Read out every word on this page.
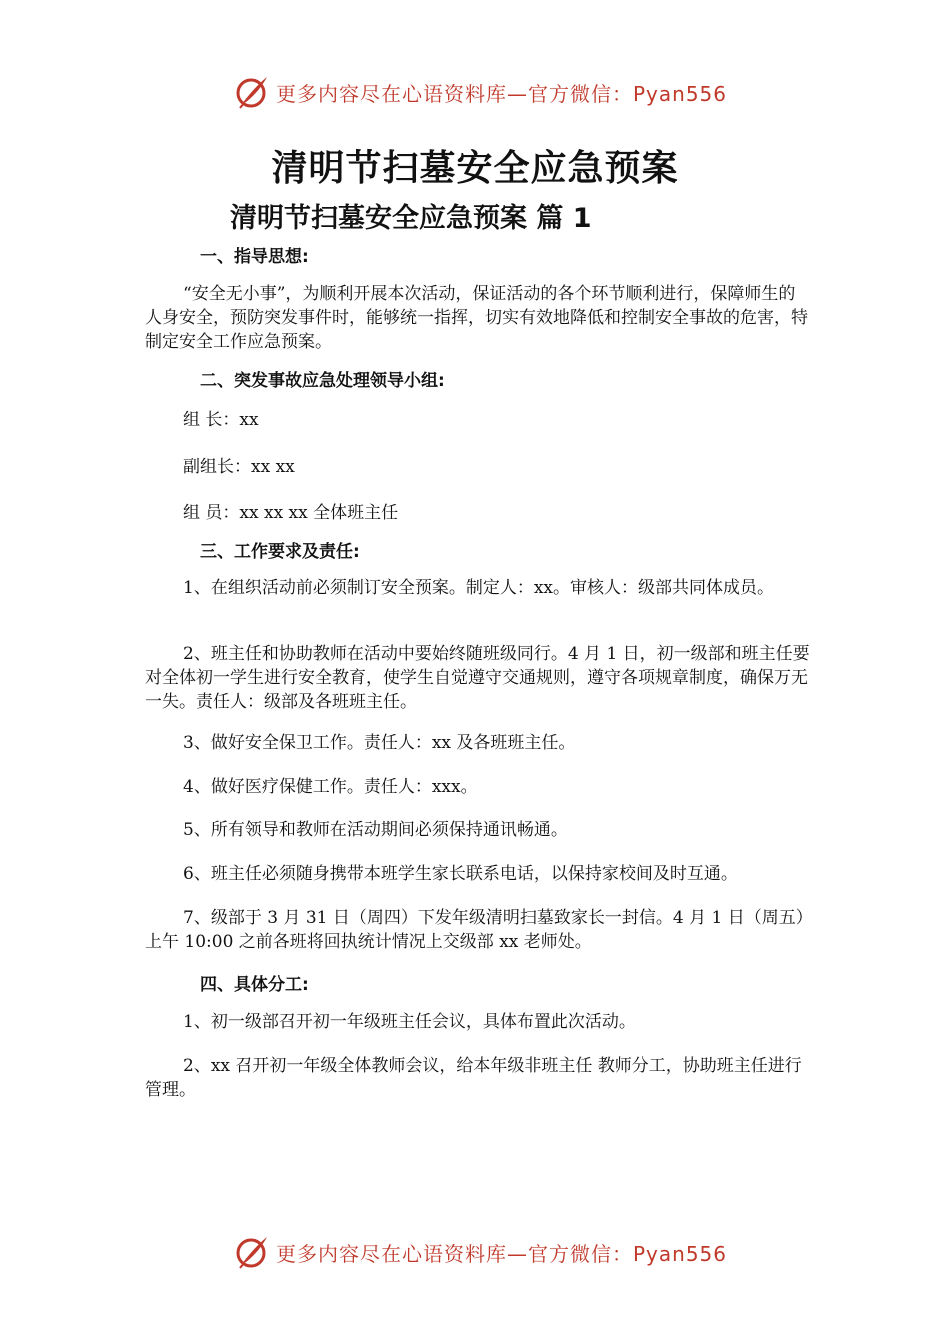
更多内容尽在心语资料库—官方微信：Pyan556
清明节扫墓安全应急预案
清明节扫墓安全应急预案 篇 1
一、指导思想:
“安全无小事”，为顺利开展本次活动，保证活动的各个环节顺利进行，保障师生的人身安全，预防突发事件时，能够统一指挥，切实有效地降低和控制安全事故的危害，特制定安全工作应急预案。
二、突发事故应急处理领导小组:
组 长：xx
副组长：xx xx
组 员：xx xx xx 全体班主任
三、工作要求及责任:
1、在组织活动前必须制订安全预案。制定人：xx。审核人：级部共同体成员。
2、班主任和协助教师在活动中要始终随班级同行。4 月 1 日，初一级部和班主任要对全体初一学生进行安全教育，使学生自觉遵守交通规则，遵守各项规章制度，确保万无一失。责任人：级部及各班班主任。
3、做好安全保卫工作。责任人：xx 及各班班主任。
4、做好医疗保健工作。责任人：xxx。
5、所有领导和教师在活动期间必须保持通讯畅通。
6、班主任必须随身携带本班学生家长联系电话，以保持家校间及时互通。
7、级部于 3 月 31 日（周四）下发年级清明扫墓致家长一封信。4 月 1 日（周五）上午 10:00 之前各班将回执统计情况上交级部 xx 老师处。
四、具体分工:
1、初一级部召开初一年级班主任会议，具体布置此次活动。
2、xx 召开初一年级全体教师会议，给本年级非班主任 教师分工，协助班主任进行管理。
更多内容尽在心语资料库—官方微信：Pyan556
